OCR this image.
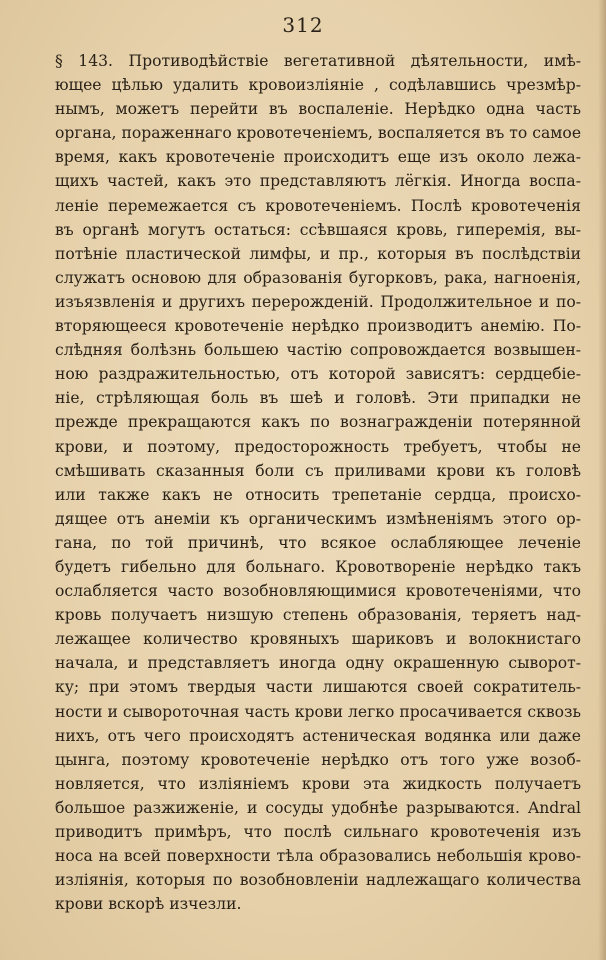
312
§ 143. Противодѣйствіе вегетативной дѣятельности, имѣ-
ющее цѣлью удалить кровоизліяніе , содѣлавшись чрезмѣр-
нымъ, можетъ перейти въ воспаленіе. Нерѣдко одна часть
органа, пораженнаго кровотеченіемъ, воспаляется въ то самое
время, какъ кровотеченіе происходитъ еще изъ около лежа-
щихъ частей, какъ это представляютъ лёгкія. Иногда воспа-
леніе перемежается съ кровотеченіемъ. Послѣ кровотеченія
въ органѣ могутъ остаться: ссѣвшаяся кровь, гиперемія, вы-
потѣніе пластической лимфы, и пр., которыя въ послѣдствіи
служатъ основою для образованія бугорковъ, рака, нагноенія,
изъязвленія и другихъ перерожденій. Продолжительное и по-
вторяющееся кровотеченіе нерѣдко производитъ анемію. По-
слѣдняя болѣзнь большею частію сопровождается возвышен-
ною раздражительностью, отъ которой зависятъ: сердцебіе-
ніе, стрѣляющая боль въ шеѣ и головѣ. Эти припадки не
прежде прекращаются какъ по вознагражденіи потерянной
крови, и поэтому, предосторожность требуетъ, чтобы не
смѣшивать сказанныя боли съ приливами крови къ головѣ
или также какъ не относить трепетаніе сердца, происхо-
дящее отъ анеміи къ органическимъ измѣненіямъ этого ор-
гана, по той причинѣ, что всякое ослабляющее леченіе
будетъ гибельно для больнаго. Кровотвореніе нерѣдко такъ
ослабляется часто возобновляющимися кровотеченіями, что
кровь получаетъ низшую степень образованія, теряетъ над-
лежащее количество кровяныхъ шариковъ и волокнистаго
начала, и представляетъ иногда одну окрашенную сыворот-
ку; при этомъ твердыя части лишаются своей сократитель-
ности и сывороточная часть крови легко просачивается сквозь
нихъ, отъ чего происходятъ астеническая водянка или даже
цынга, поэтому кровотеченіе нерѣдко отъ того уже возоб-
новляется, что изліяніемъ крови эта жидкость получаетъ
большое разжиженіе, и сосуды удобнѣе разрываются. Andral
приводитъ примѣръ, что послѣ сильнаго кровотеченія изъ
носа на всей поверхности тѣла образовались небольшія крово-
изліянія, которыя по возобновленіи надлежащаго количества
крови вскорѣ изчезли.
